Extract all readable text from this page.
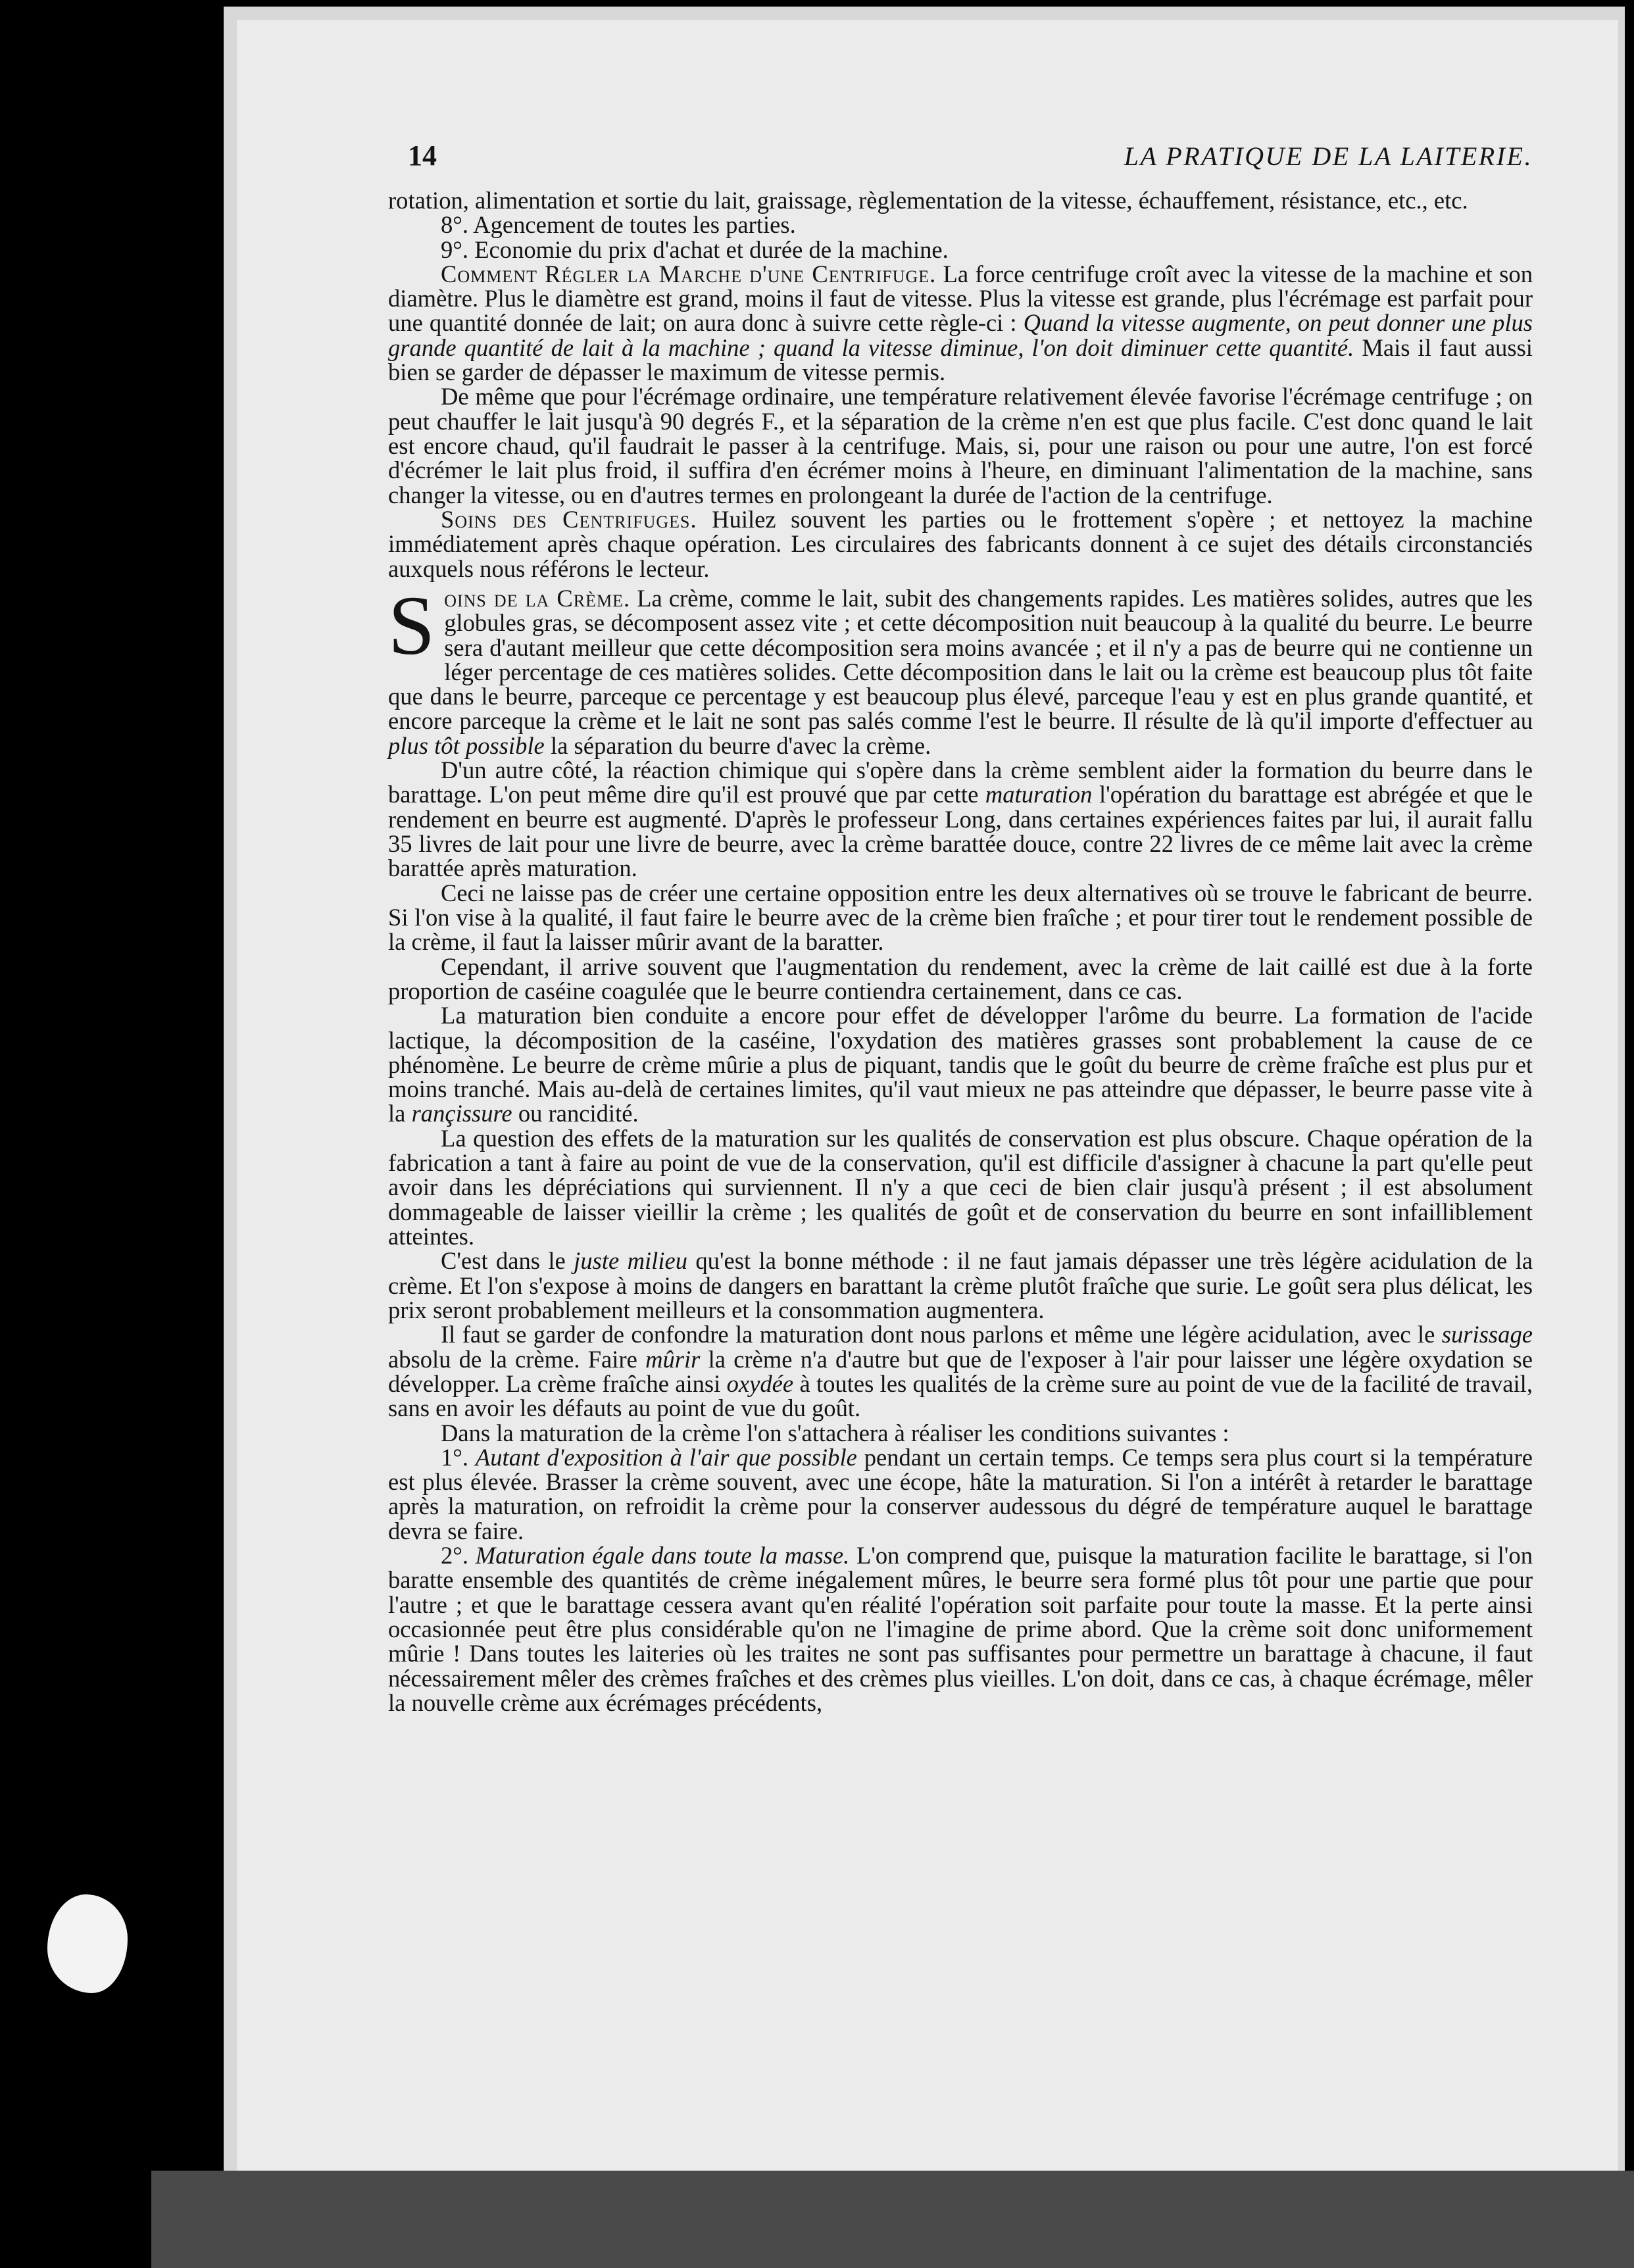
14	LA PRATIQUE DE LA LAITERIE.

rotation, alimentation et sortie du lait, graissage, règlementation de la vitesse, échauffement, résistance, etc., etc.

8°. Agencement de toutes les parties.

9°. Economie du prix d'achat et durée de la machine.

Comment Régler la Marche d'une Centrifuge. La force centrifuge croît avec la vitesse de la machine et son diamètre. Plus le diamètre est grand, moins il faut de vitesse. Plus la vitesse est grande, plus l'écrémage est parfait pour une quantité donnée de lait; on aura donc à suivre cette règle-ci : Quand la vitesse augmente, on peut donner une plus grande quantité de lait à la machine ; quand la vitesse diminue, l'on doit diminuer cette quantité. Mais il faut aussi bien se garder de dépasser le maximum de vitesse permis.

De même que pour l'écrémage ordinaire, une température relativement élevée favorise l'écrémage centrifuge ; on peut chauffer le lait jusqu'à 90 degrés F., et la séparation de la crème n'en est que plus facile. C'est donc quand le lait est encore chaud, qu'il faudrait le passer à la centrifuge. Mais, si, pour une raison ou pour une autre, l'on est forcé d'écrémer le lait plus froid, il suffira d'en écrémer moins à l'heure, en diminuant l'alimentation de la machine, sans changer la vitesse, ou en d'autres termes en prolongeant la durée de l'action de la centrifuge.

Soins des Centrifuges. Huilez souvent les parties ou le frottement s'opère ; et nettoyez la machine immédiatement après chaque opération. Les circulaires des fabricants donnent à ce sujet des détails circonstanciés auxquels nous référons le lecteur.

S oins de la Crème. La crème, comme le lait, subit des changements rapides. Les matières solides, autres que les globules gras, se décomposent assez vite ; et cette décomposition nuit beaucoup à la qualité du beurre. Le beurre sera d'autant meilleur que cette décomposition sera moins avancée ; et il n'y a pas de beurre qui ne contienne un léger percentage de ces matières solides. Cette décomposition dans le lait ou la crème est beaucoup plus tôt faite que dans le beurre, parceque ce percentage y est beaucoup plus élevé, parceque l'eau y est en plus grande quantité, et encore parceque la crème et le lait ne sont pas salés comme l'est le beurre. Il résulte de là qu'il importe d'effectuer au plus tôt possible la séparation du beurre d'avec la crème.

D'un autre côté, la réaction chimique qui s'opère dans la crème semblent aider la formation du beurre dans le barattage. L'on peut même dire qu'il est prouvé que par cette maturation l'opération du barattage est abrégée et que le rendement en beurre est augmenté. D'après le professeur Long, dans certaines expériences faites par lui, il aurait fallu 35 livres de lait pour une livre de beurre, avec la crème barattée douce, contre 22 livres de ce même lait avec la crème barattée après maturation.

Ceci ne laisse pas de créer une certaine opposition entre les deux alternatives où se trouve le fabricant de beurre. Si l'on vise à la qualité, il faut faire le beurre avec de la crème bien fraîche ; et pour tirer tout le rendement possible de la crème, il faut la laisser mûrir avant de la baratter.

Cependant, il arrive souvent que l'augmentation du rendement, avec la crème de lait caillé est due à la forte proportion de caséine coagulée que le beurre contiendra certainement, dans ce cas.

La maturation bien conduite a encore pour effet de développer l'arôme du beurre. La formation de l'acide lactique, la décomposition de la caséine, l'oxydation des matières grasses sont probablement la cause de ce phénomène. Le beurre de crème mûrie a plus de piquant, tandis que le goût du beurre de crème fraîche est plus pur et moins tranché. Mais au-delà de certaines limites, qu'il vaut mieux ne pas atteindre que dépasser, le beurre passe vite à la rançissure ou rancidité.

La question des effets de la maturation sur les qualités de conservation est plus obscure. Chaque opération de la fabrication a tant à faire au point de vue de la conservation, qu'il est difficile d'assigner à chacune la part qu'elle peut avoir dans les dépréciations qui surviennent. Il n'y a que ceci de bien clair jusqu'à présent ; il est absolument dommageable de laisser vieillir la crème ; les qualités de goût et de conservation du beurre en sont infailliblement atteintes.

C'est dans le juste milieu qu'est la bonne méthode : il ne faut jamais dépasser une très légère acidulation de la crème. Et l'on s'expose à moins de dangers en barattant la crème plutôt fraîche que surie. Le goût sera plus délicat, les prix seront probablement meilleurs et la consommation augmentera.

Il faut se garder de confondre la maturation dont nous parlons et même une légère acidulation, avec le surissage absolu de la crème. Faire mûrir la crème n'a d'autre but que de l'exposer à l'air pour laisser une légère oxydation se développer. La crème fraîche ainsi oxydée à toutes les qualités de la crème sure au point de vue de la facilité de travail, sans en avoir les défauts au point de vue du goût.

Dans la maturation de la crème l'on s'attachera à réaliser les conditions suivantes :

1°. Autant d'exposition à l'air que possible pendant un certain temps. Ce temps sera plus court si la température est plus élevée. Brasser la crème souvent, avec une écope, hâte la maturation. Si l'on a intérêt à retarder le barattage après la maturation, on refroidit la crème pour la conserver audessous du dégré de température auquel le barattage devra se faire.

2°. Maturation égale dans toute la masse. L'on comprend que, puisque la maturation facilite le barattage, si l'on baratte ensemble des quantités de crème inégalement mûres, le beurre sera formé plus tôt pour une partie que pour l'autre ; et que le barattage cessera avant qu'en réalité l'opération soit parfaite pour toute la masse. Et la perte ainsi occasionnée peut être plus considérable qu'on ne l'imagine de prime abord. Que la crème soit donc uniformement mûrie ! Dans toutes les laiteries où les traites ne sont pas suffisantes pour permettre un barattage à chacune, il faut nécessairement mêler des crèmes fraîches et des crèmes plus vieilles. L'on doit, dans ce cas, à chaque écrémage, mêler la nouvelle crème aux écrémages précédents,
